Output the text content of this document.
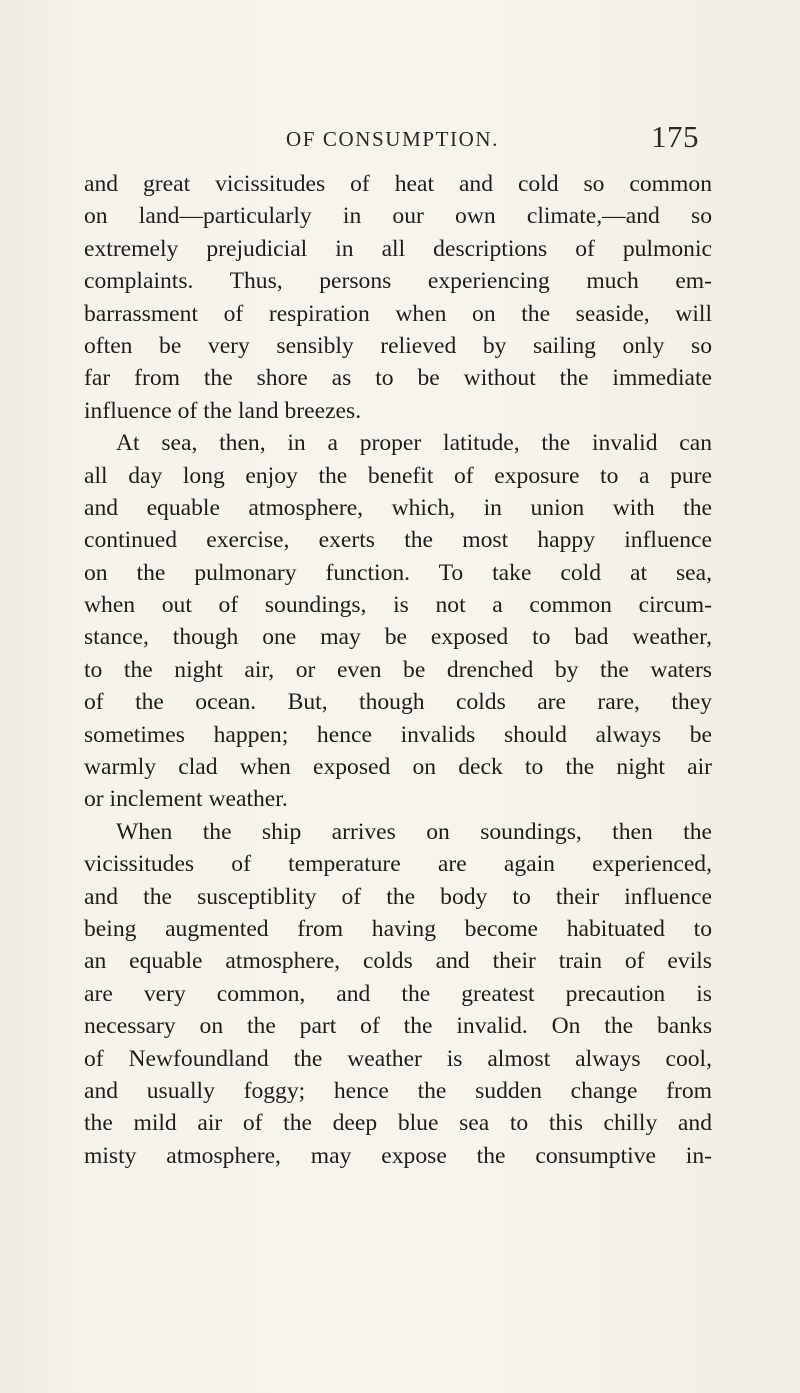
OF CONSUMPTION.	175
and great vicissitudes of heat and cold so common
on land—particularly in our own climate,—and so
extremely prejudicial in all descriptions of pulmonic
complaints. Thus, persons experiencing much em-
barrassment of respiration when on the seaside, will
often be very sensibly relieved by sailing only so
far from the shore as to be without the immediate
influence of the land breezes.
At sea, then, in a proper latitude, the invalid can
all day long enjoy the benefit of exposure to a pure
and equable atmosphere, which, in union with the
continued exercise, exerts the most happy influence
on the pulmonary function. To take cold at sea,
when out of soundings, is not a common circum-
stance, though one may be exposed to bad weather,
to the night air, or even be drenched by the waters
of the ocean. But, though colds are rare, they
sometimes happen; hence invalids should always be
warmly clad when exposed on deck to the night air
or inclement weather.
When the ship arrives on soundings, then the
vicissitudes of temperature are again experienced,
and the susceptiblity of the body to their influence
being augmented from having become habituated to
an equable atmosphere, colds and their train of evils
are very common, and the greatest precaution is
necessary on the part of the invalid. On the banks
of Newfoundland the weather is almost always cool,
and usually foggy; hence the sudden change from
the mild air of the deep blue sea to this chilly and
misty atmosphere, may expose the consumptive in-
